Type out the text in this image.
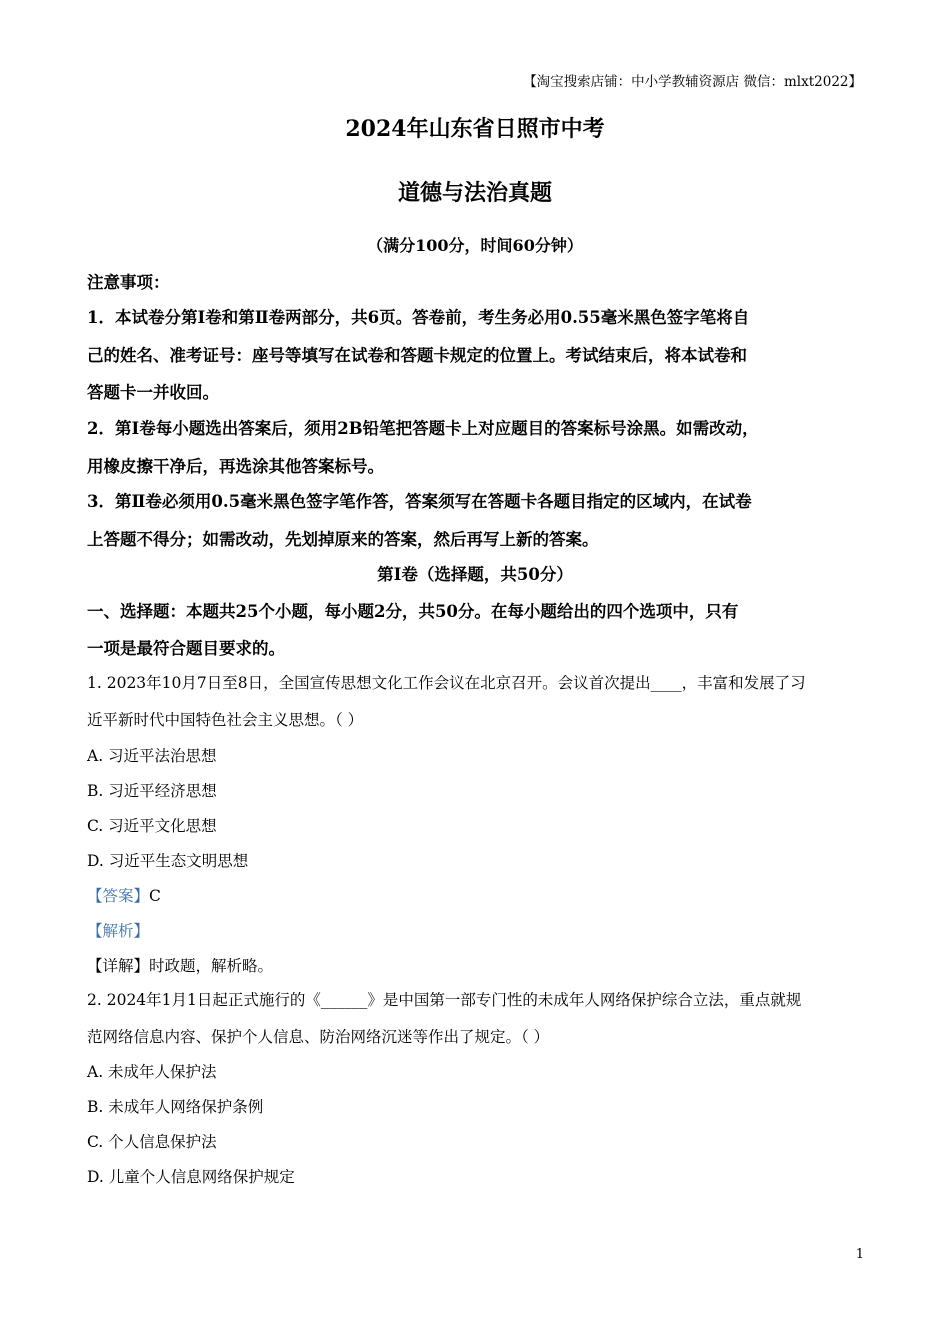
【淘宝搜索店铺：中小学教辅资源店 微信：mlxt2022】
2024年山东省日照市中考
道德与法治真题
（满分100分，时间60分钟）
注意事项：
1．本试卷分第Ⅰ卷和第Ⅱ卷两部分，共6页。答卷前，考生务必用0.55毫米黑色签字笔将自
己的姓名、准考证号：座号等填写在试卷和答题卡规定的位置上。考试结束后，将本试卷和
答题卡一并收回。
2．第Ⅰ卷每小题选出答案后，须用2B铅笔把答题卡上对应题目的答案标号涂黑。如需改动，
用橡皮擦干净后，再选涂其他答案标号。
3．第Ⅱ卷必须用0.5毫米黑色签字笔作答，答案须写在答题卡各题目指定的区域内，在试卷
上答题不得分；如需改动，先划掉原来的答案，然后再写上新的答案。
第Ⅰ卷（选择题，共50分）
一、选择题：本题共25个小题，每小题2分，共50分。在每小题给出的四个选项中，只有
一项是最符合题目要求的。
1. 2023年10月7日至8日，全国宣传思想文化工作会议在北京召开。会议首次提出____，丰富和发展了习
近平新时代中国特色社会主义思想。（ ）
A. 习近平法治思想
B. 习近平经济思想
C. 习近平文化思想
D. 习近平生态文明思想
【答案】C
【解析】
【详解】时政题，解析略。
2. 2024年1月1日起正式施行的《______》是中国第一部专门性的未成年人网络保护综合立法，重点就规
范网络信息内容、保护个人信息、防治网络沉迷等作出了规定。（ ）
A. 未成年人保护法
B. 未成年人网络保护条例
C. 个人信息保护法
D. 儿童个人信息网络保护规定
1
